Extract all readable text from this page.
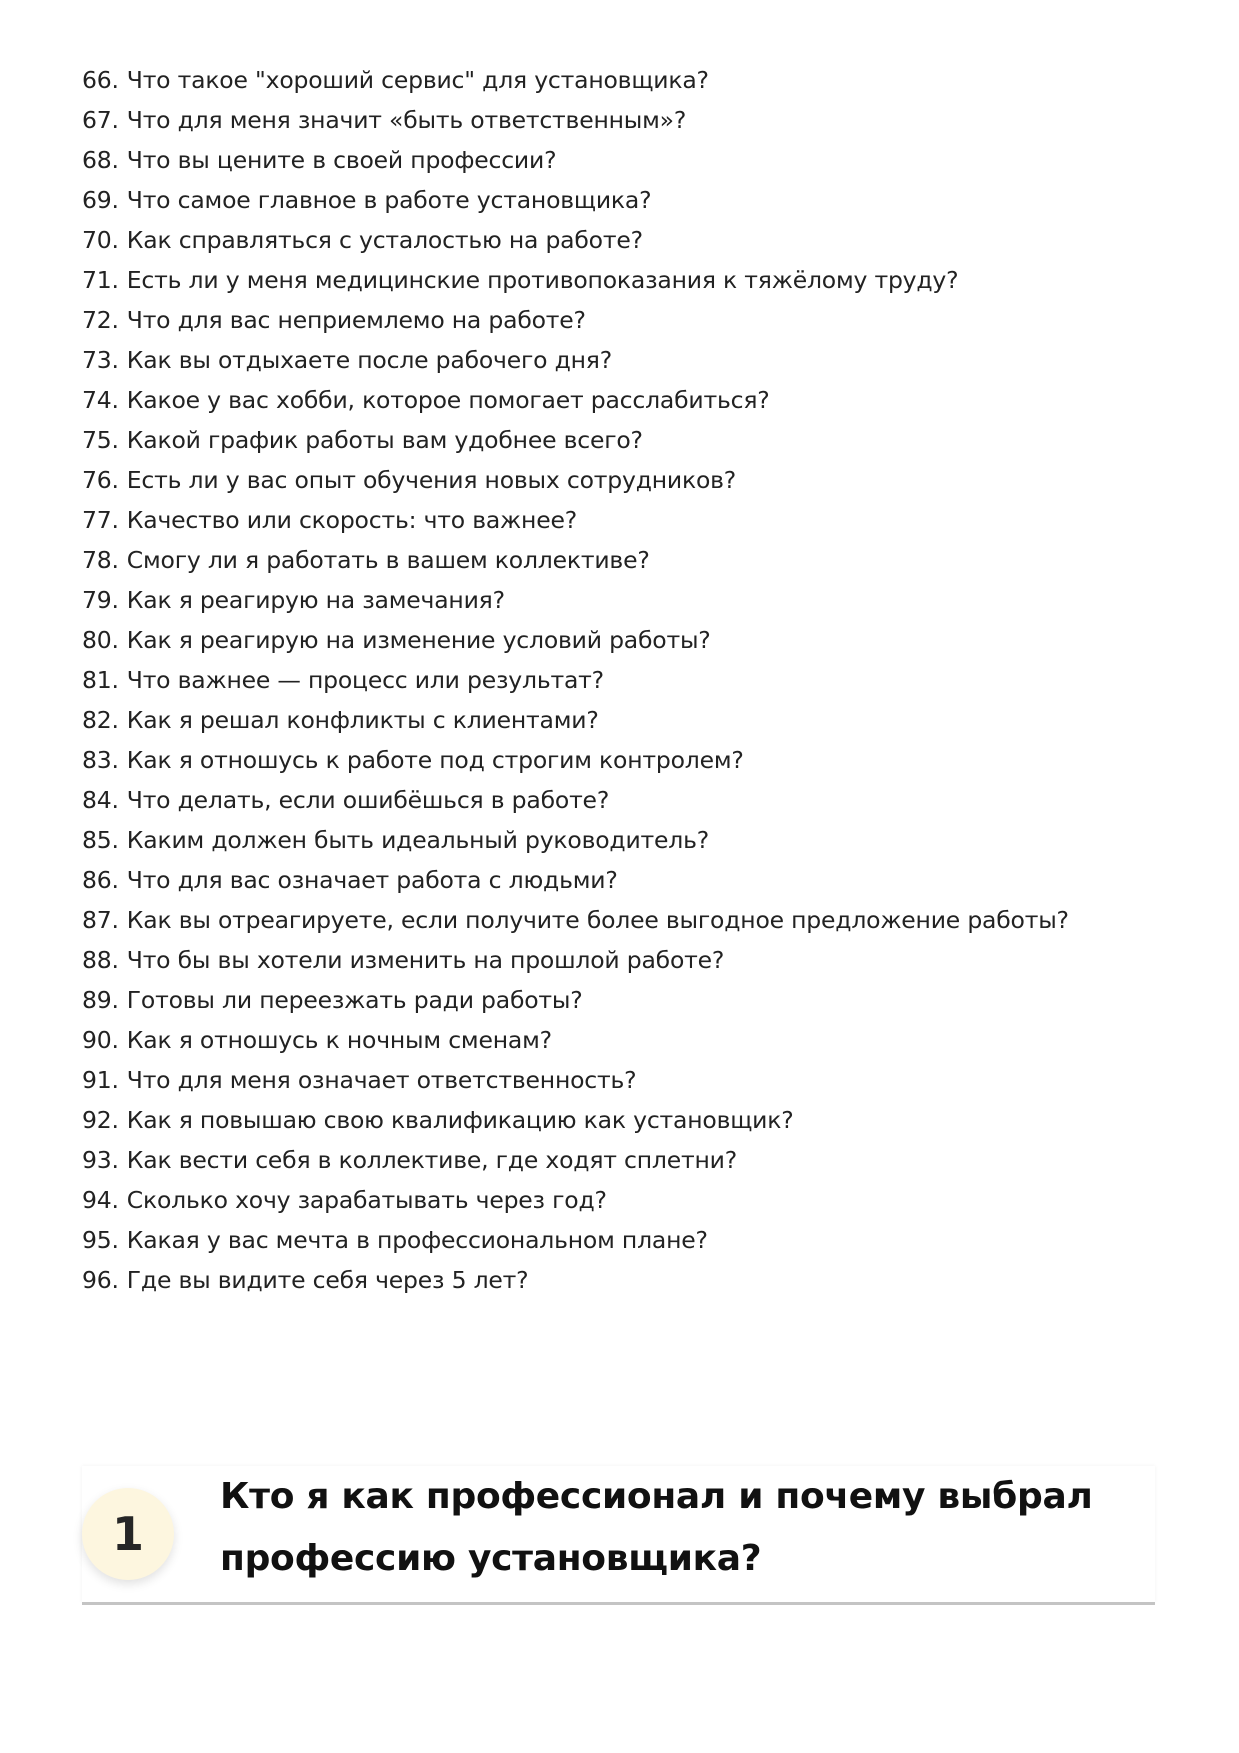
66. Что такое "хороший сервис" для установщика?
67. Что для меня значит «быть ответственным»?
68. Что вы цените в своей профессии?
69. Что самое главное в работе установщика?
70. Как справляться с усталостью на работе?
71. Есть ли у меня медицинские противопоказания к тяжёлому труду?
72. Что для вас неприемлемо на работе?
73. Как вы отдыхаете после рабочего дня?
74. Какое у вас хобби, которое помогает расслабиться?
75. Какой график работы вам удобнее всего?
76. Есть ли у вас опыт обучения новых сотрудников?
77. Качество или скорость: что важнее?
78. Смогу ли я работать в вашем коллективе?
79. Как я реагирую на замечания?
80. Как я реагирую на изменение условий работы?
81. Что важнее — процесс или результат?
82. Как я решал конфликты с клиентами?
83. Как я отношусь к работе под строгим контролем?
84. Что делать, если ошибёшься в работе?
85. Каким должен быть идеальный руководитель?
86. Что для вас означает работа с людьми?
87. Как вы отреагируете, если получите более выгодное предложение работы?
88. Что бы вы хотели изменить на прошлой работе?
89. Готовы ли переезжать ради работы?
90. Как я отношусь к ночным сменам?
91. Что для меня означает ответственность?
92. Как я повышаю свою квалификацию как установщик?
93. Как вести себя в коллективе, где ходят сплетни?
94. Сколько хочу зарабатывать через год?
95. Какая у вас мечта в профессиональном плане?
96. Где вы видите себя через 5 лет?
1
Кто я как профессионал и почему выбрал профессию установщика?
